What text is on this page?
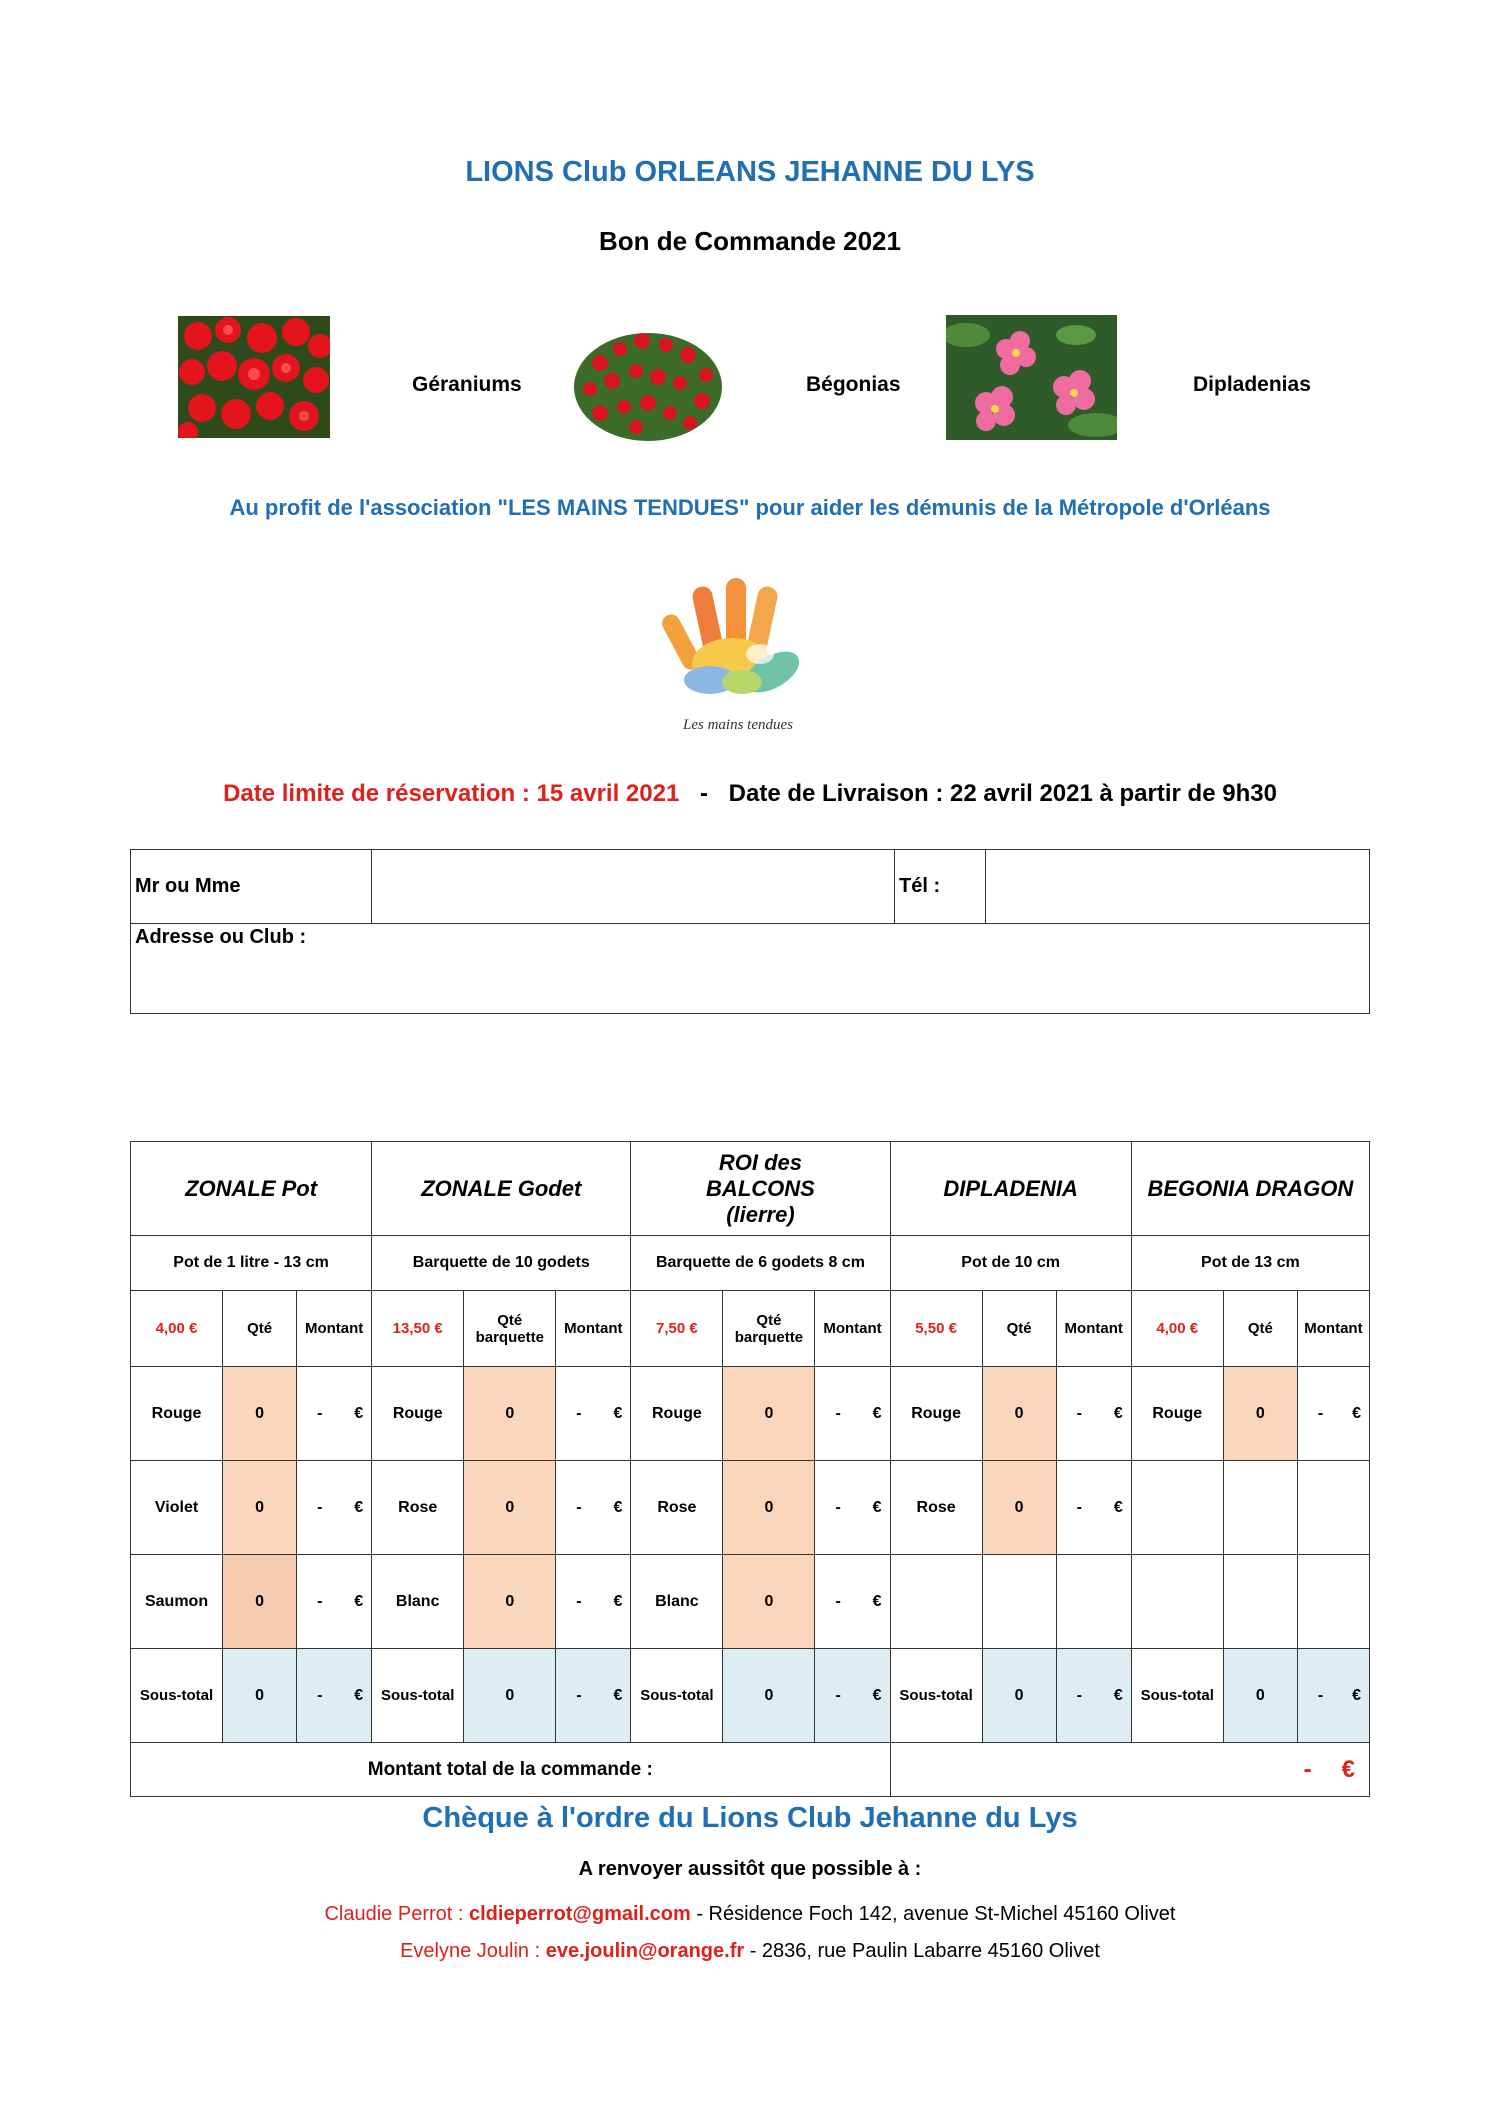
LIONS Club ORLEANS JEHANNE DU LYS
Bon de Commande 2021
Géraniums	Bégonias	Dipladenias
Au profit de l'association "LES MAINS TENDUES" pour aider les démunis de la Métropole d'Orléans
Les mains tendues
Date limite de réservation : 15 avril 2021 - Date de Livraison : 22 avril 2021 à partir de 9h30
Mr ou Mme		Tél :	
Adresse ou Club :
ZONALE Pot			ZONALE Godet			ROI des BALCONS (lierre)			DIPLADENIA			BEGONIA DRAGON		
Pot de 1 litre - 13 cm			Barquette de 10 godets			Barquette de 6 godets 8 cm			Pot de 10 cm			Pot de 13 cm		
4,00 €	Qté	Montant	13,50 €	Qté barquette	Montant	7,50 €	Qté barquette	Montant	5,50 €	Qté	Montant	4,00 €	Qté	Montant
Rouge	0	- €	Rouge	0	- €	Rouge	0	- €	Rouge	0	- €	Rouge	0	- €

Violet	0	- €	Rose	0	- €	Rose	0	- €	Rose	0	- €			

Saumon	0	- €	Blanc	0	- €	Blanc	0	- €						

Sous-total	0	- €	Sous-total	0	- €	Sous-total	0	- €	Sous-total	0	- €	Sous-total	0	- €

Montant total de la commande :									- €					
Chèque à l'ordre du Lions Club Jehanne du Lys
A renvoyer aussitôt que possible à :
Claudie Perrot : cldieperrot@gmail.com - Résidence Foch 142, avenue St-Michel 45160 Olivet
Evelyne Joulin : eve.joulin@orange.fr - 2836, rue Paulin Labarre 45160 Olivet
